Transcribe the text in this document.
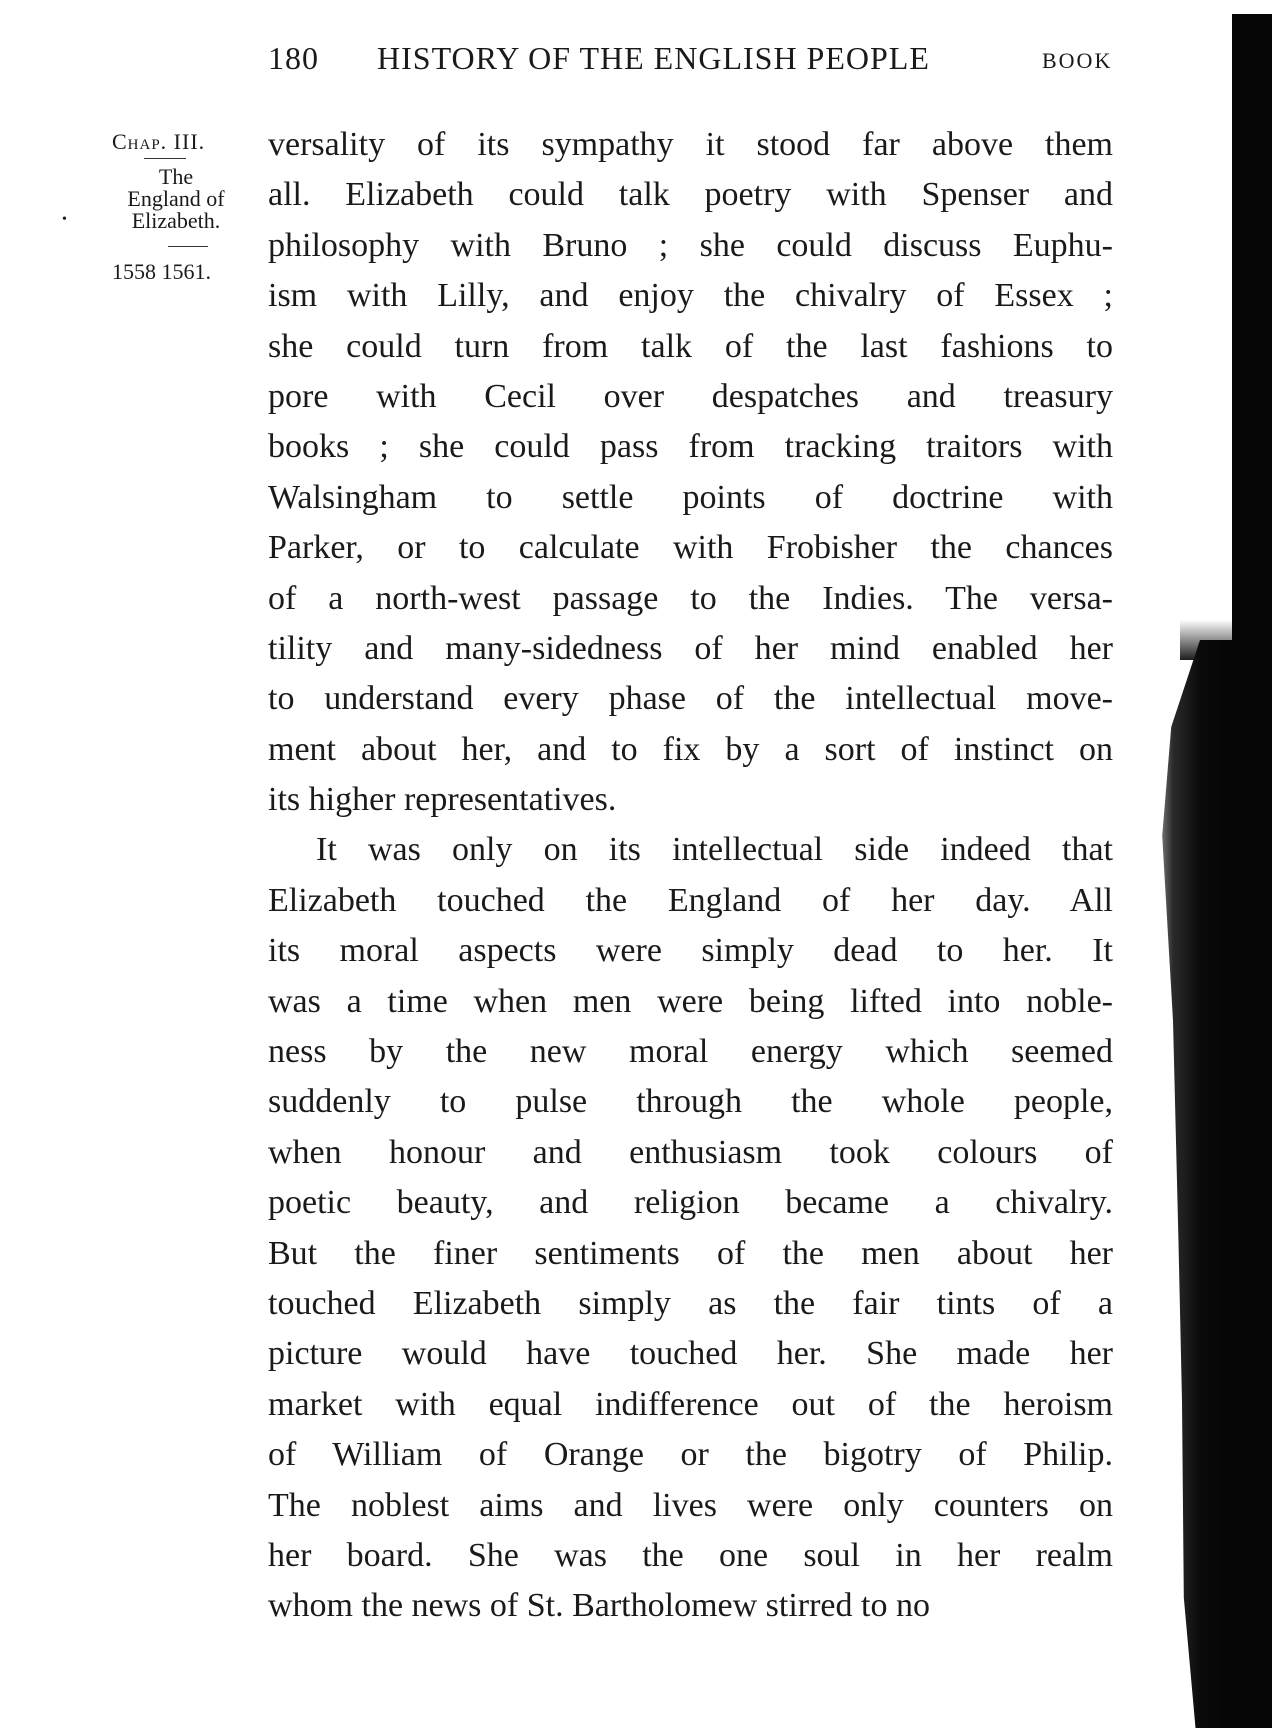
180 HISTORY OF THE ENGLISH PEOPLE	BOOK
Chap. III.
The
England of
Elizabeth.
1558 1561.
•
versality of its sympathy it stood far above them
all. Elizabeth could talk poetry with Spenser and
philosophy with Bruno ; she could discuss Euphu-
ism with Lilly, and enjoy the chivalry of Essex ;
she could turn from talk of the last fashions to
pore with Cecil over despatches and treasury
books ; she could pass from tracking traitors with
Walsingham to settle points of doctrine with
Parker, or to calculate with Frobisher the chances
of a north-west passage to the Indies. The versa-
tility and many-sidedness of her mind enabled her
to understand every phase of the intellectual move-
ment about her, and to fix by a sort of instinct on
its higher representatives.
It was only on its intellectual side indeed that
Elizabeth touched the England of her day. All
its moral aspects were simply dead to her. It
was a time when men were being lifted into noble-
ness by the new moral energy which seemed
suddenly to pulse through the whole people,
when honour and enthusiasm took colours of
poetic beauty, and religion became a chivalry.
But the finer sentiments of the men about her
touched Elizabeth simply as the fair tints of a
picture would have touched her. She made her
market with equal indifference out of the heroism
of William of Orange or the bigotry of Philip.
The noblest aims and lives were only counters on
her board. She was the one soul in her realm
whom the news of St. Bartholomew stirred to no
